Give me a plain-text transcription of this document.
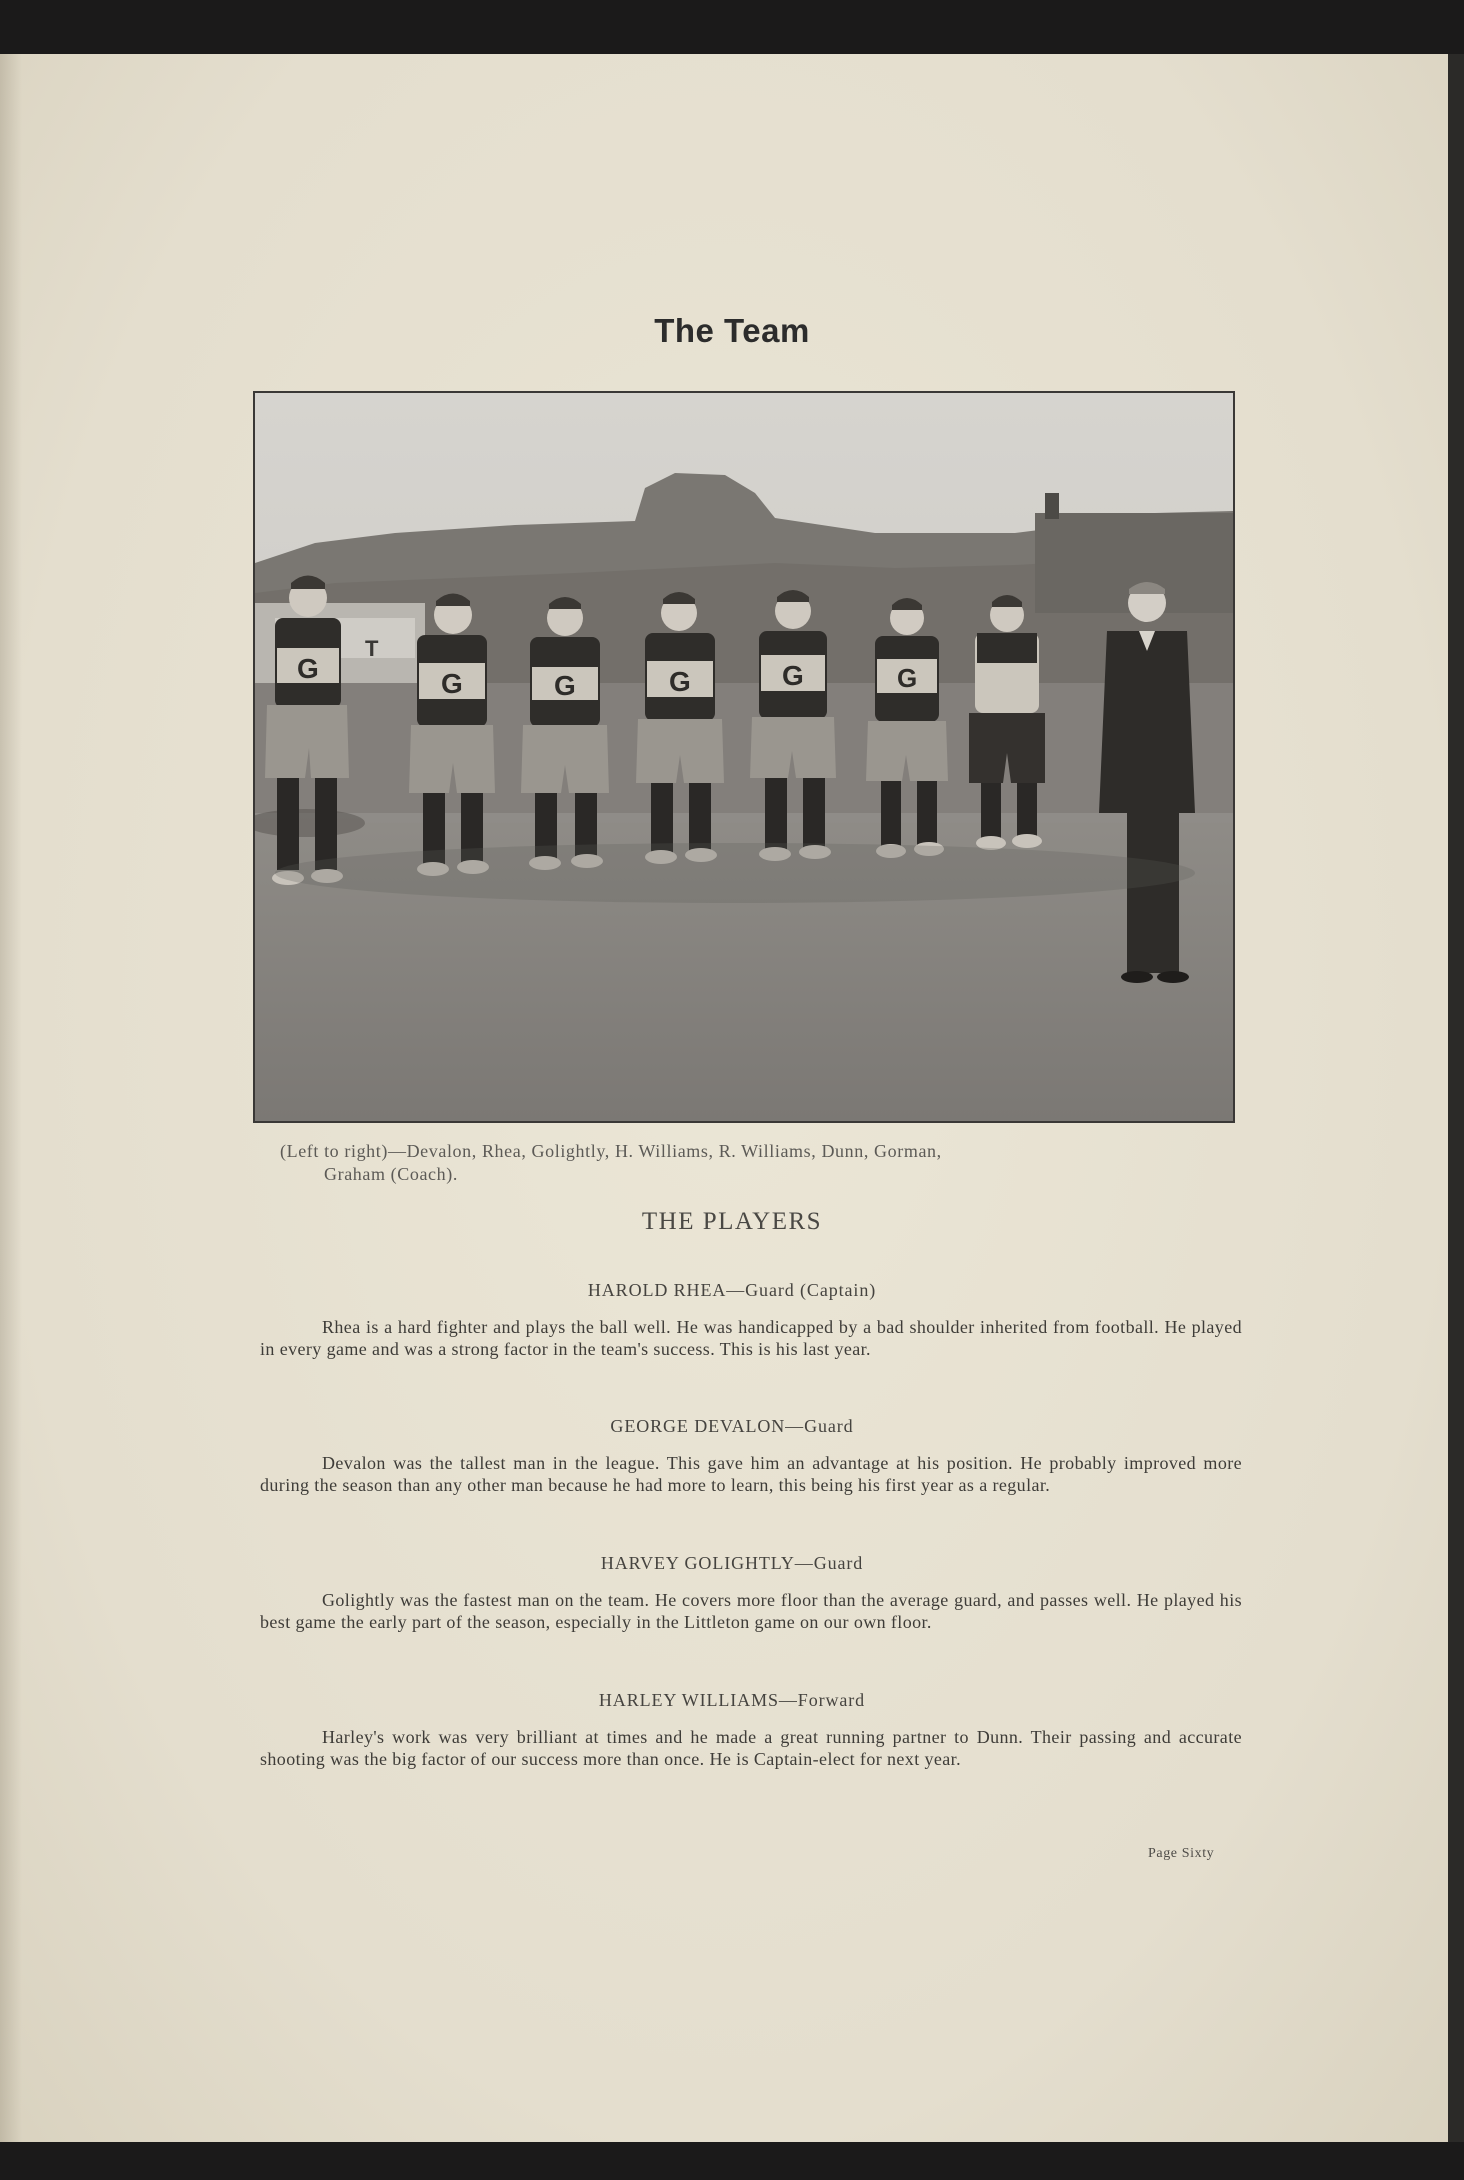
The Team
T
G	G	G	G	G	G
(Left to right)—Devalon, Rhea, Golightly, H. Williams, R. Williams, Dunn, Gorman,
Graham (Coach).
THE PLAYERS
HAROLD RHEA—Guard (Captain)
Rhea is a hard fighter and plays the ball well. He was handicapped by a bad shoulder inherited from football. He played in every game and was a strong factor in the team's success. This is his last year.
GEORGE DEVALON—Guard
Devalon was the tallest man in the league. This gave him an advantage at his position. He probably improved more during the season than any other man because he had more to learn, this being his first year as a regular.
HARVEY GOLIGHTLY—Guard
Golightly was the fastest man on the team. He covers more floor than the average guard, and passes well. He played his best game the early part of the season, especially in the Littleton game on our own floor.
HARLEY WILLIAMS—Forward
Harley's work was very brilliant at times and he made a great running partner to Dunn. Their passing and accurate shooting was the big factor of our success more than once. He is Captain-elect for next year.
Page Sixty
